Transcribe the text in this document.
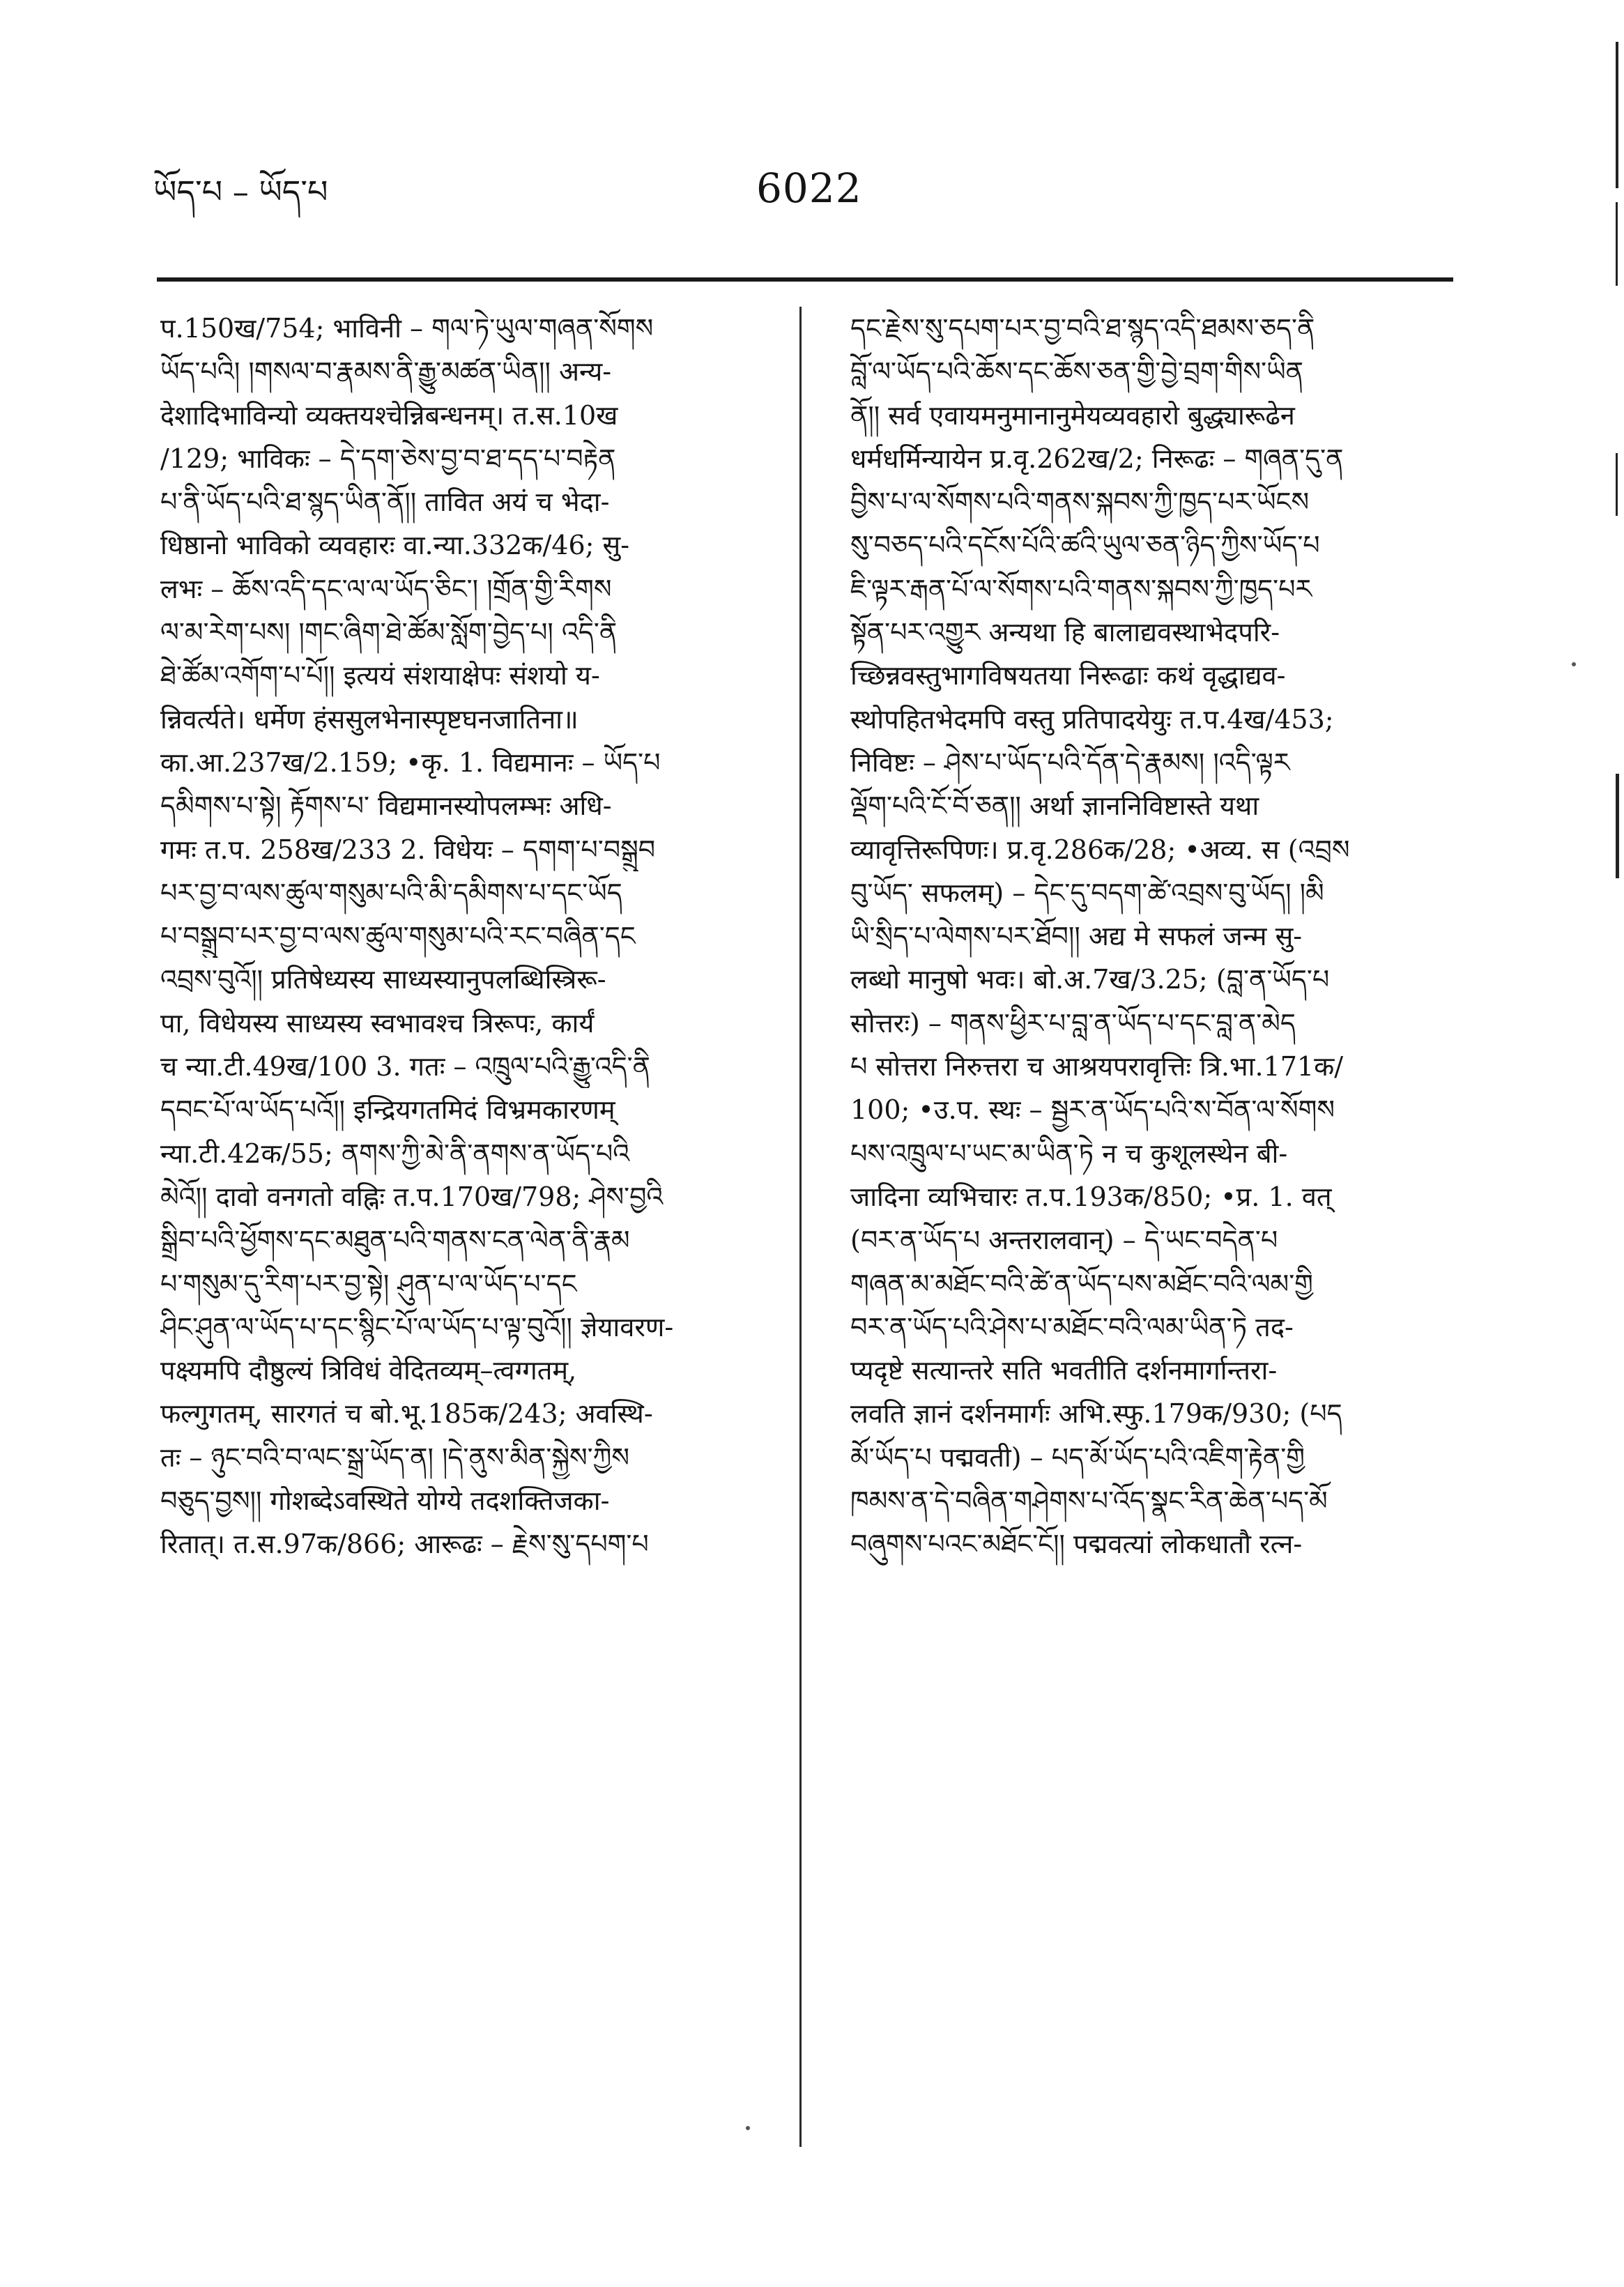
ཡོད་པ – ཡོད་པ	6022
प.150ख/754; भाविनी – གལ་ཏེ་ཡུལ་གཞན་སོགས
ཡོད་པའི། །གསལ་བ་རྣམས་ནི་རྒྱུ་མཚན་ཡིན།། अन्य-
देशादिभाविन्यो व्यक्तयश्चेन्निबन्धनम्। त.स.10ख
/129; भाविकः – དེ་དག་ཅེས་བྱ་བ་ཐ་དད་པ་བརྟེན
པ་ནི་ཡོད་པའི་ཐ་སྙད་ཡིན་ནོ།། तावित अयं च भेदा-
धिष्ठानो भाविको व्यवहारः वा.न्या.332क/46; सु-
लभः – ཆོས་འདི་དང་ལ་ལ་ཡོད་ཅིང་། །གྲོན་གྱི་རིགས
ལ་མ་རེག་པས། །གང་ཞིག་ཐེ་ཚོམ་སློག་བྱེད་པ། འདི་ནི
ཐེ་ཚོམ་འགོག་པ་པོ།། इत्ययं संशयाक्षेपः संशयो य-
न्निवर्त्यते। धर्मेण हंससुलभेनास्पृष्टघनजातिना॥
का.आ.237ख/2.159; •कृ. 1. विद्यमानः – ཡོད་པ
དམིགས་པ་སྟེ། རྟོགས་པ་ विद्यमानस्योपलम्भः अधि-
गमः त.प. 258ख/233 2. विधेयः – དགག་པ་བསྒྲུབ
པར་བྱ་བ་ལས་ཚུལ་གསུམ་པའི་མི་དམིགས་པ་དང་ཡོད
པ་བསྒྲུབ་པར་བྱ་བ་ལས་ཚུལ་གསུམ་པའི་རང་བཞིན་དང
འབྲས་བུའོ།། प्रतिषेध्यस्य साध्यस्यानुपलब्धिस्त्रिरू-
पा, विधेयस्य साध्यस्य स्वभावश्च त्रिरूपः, कार्यं
च न्या.टी.49ख/100 3. गतः – འཁྲུལ་པའི་རྒྱུ་འདི་ནི
དབང་པོ་ལ་ཡོད་པའོ།། इन्द्रियगतमिदं विभ्रमकारणम्
न्या.टी.42क/55; ནགས་ཀྱི་མེ་ནི་ནགས་ན་ཡོད་པའི
མེའོ།། दावो वनगतो वह्निः त.प.170ख/798; ཤེས་བྱའི
སྒྲིབ་པའི་ཕྱོགས་དང་མཐུན་པའི་གནས་ངན་ལེན་ནི་རྣམ
པ་གསུམ་དུ་རིག་པར་བྱ་སྟེ། ཤུན་པ་ལ་ཡོད་པ་དང
ཤིང་ཤུན་ལ་ཡོད་པ་དང་སྙིང་པོ་ལ་ཡོད་པ་ལྟ་བུའོ།། ज्ञेयावरण-
पक्ष्यमपि दौष्ठुल्यं त्रिविधं वेदितव्यम्–त्वग्गतम्,
फल्गुगतम्, सारगतं च बो.भू.185क/243; अवस्थि-
तः – ཉུང་བའི་བ་ལང་སྒྲ་ཡོད་ན། །དེ་ནུས་མིན་སྐྱེས་ཀྱིས
བཅུད་བྱས།། गोशब्देऽवस्थिते योग्ये तदशक्तिजका-
रितात्। त.स.97क/866; आरूढः – རྗེས་སུ་དཔག་པ
དང་རྗེས་སུ་དཔག་པར་བྱ་བའི་ཐ་སྙད་འདི་ཐམས་ཅད་ནི
བློ་ལ་ཡོད་པའི་ཆོས་དང་ཆོས་ཅན་གྱི་བྱེ་བྲག་གིས་ཡིན
ནོ།། सर्व एवायमनुमानानुमेयव्यवहारो बुद्ध्यारूढेन
धर्मधर्मिन्यायेन प्र.वृ.262ख/2; निरूढः – གཞན་དུ་ན
བྱིས་པ་ལ་སོགས་པའི་གནས་སྐབས་ཀྱི་ཁྱད་པར་ཡོངས
སུ་བཅད་པའི་དངོས་པོའི་ཚའི་ཡུལ་ཅན་ཉིད་ཀྱིས་ཡོད་པ
ཇི་ལྟར་རྒན་པོ་ལ་སོགས་པའི་གནས་སྐབས་ཀྱི་ཁྱད་པར
སྟོན་པར་འགྱུར अन्यथा हि बालाद्यवस्थाभेदपरि-
च्छिन्नवस्तुभागविषयतया निरूढाः कथं वृद्धाद्यव-
स्थोपहितभेदमपि वस्तु प्रतिपादयेयुः त.प.4ख/453;
निविष्टः – ཤེས་པ་ཡོད་པའི་དོན་དེ་རྣམས། །འདི་ལྟར
ལྡོག་པའི་ངོ་བོ་ཅན།། अर्था ज्ञाननिविष्टास्ते यथा
व्यावृत्तिरूपिणः। प्र.वृ.286क/28; •अव्य. स (འབྲས
བུ་ཡོད་ सफलम्) – དེང་དུ་བདག་ཚེ་འབྲས་བུ་ཡོད། །མི
ཡི་སྲིད་པ་ལེགས་པར་ཐོབ།། अद्य मे सफलं जन्म सु-
लब्धो मानुषो भवः। बो.अ.7ख/3.25; (བླ་ན་ཡོད་པ
सोत्तरः) – གནས་ཕྱིར་པ་བླ་ན་ཡོད་པ་དང་བླ་ན་མེད
པ सोत्तरा निरुत्तरा च आश्रयपरावृत्तिः त्रि.भा.171क/
100; •उ.प. स्थः – སྦྱར་ན་ཡོད་པའི་ས་བོན་ལ་སོགས
པས་འཁྲུལ་པ་ཡང་མ་ཡིན་ཏེ न च कुशूलस्थेन बी-
जादिना व्यभिचारः त.प.193क/850; •प्र. 1. वत्
(བར་ན་ཡོད་པ अन्तरालवान्) – དེ་ཡང་བདེན་པ
གཞན་མ་མཐོང་བའི་ཚེ་ན་ཡོད་པས་མཐོང་བའི་ལམ་གྱི
བར་ན་ཡོད་པའི་ཤེས་པ་མཐོང་བའི་ལམ་ཡིན་ཏེ तद-
प्यदृष्टे सत्यान्तरे सति भवतीति दर्शनमार्गान्तरा-
लवति ज्ञानं दर्शनमार्गः अभि.स्फु.179क/930; (པད
མོ་ཡོད་པ पद्मवती) – པད་མོ་ཡོད་པའི་འཇིག་རྟེན་གྱི
ཁམས་ན་དེ་བཞིན་གཤེགས་པ་འོད་སྣང་རིན་ཆེན་པད་མོ
བཞུགས་པའང་མཐོང་ངོ།། पद्मवत्यां लोकधातौ रत्न-
